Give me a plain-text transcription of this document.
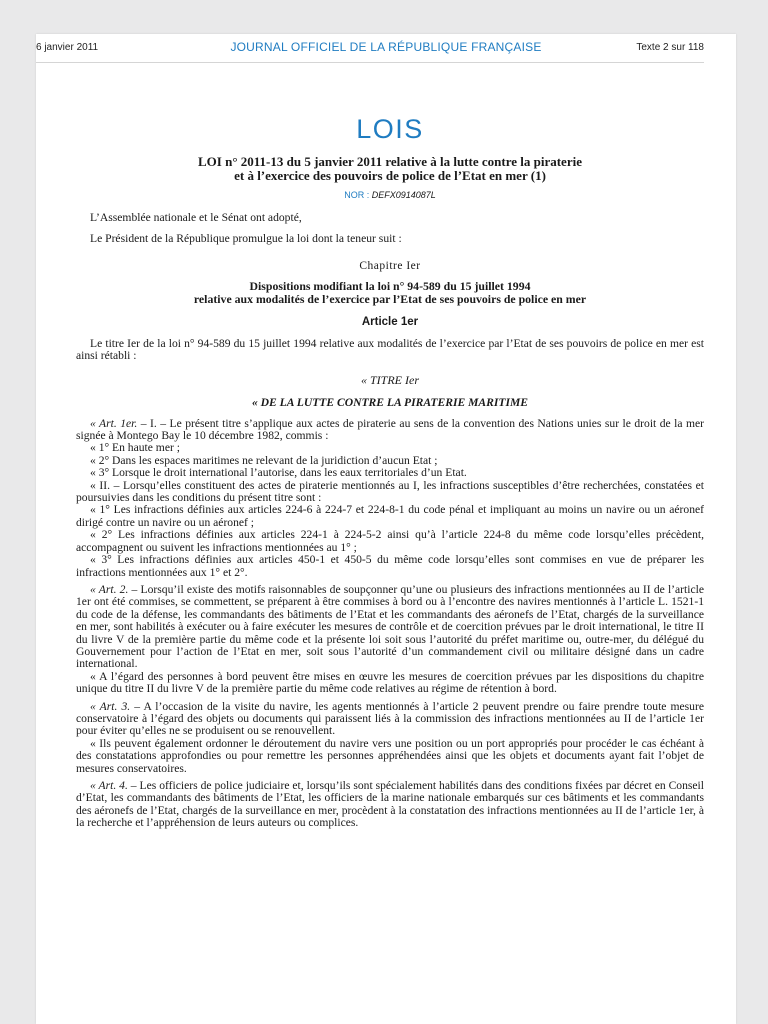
6 janvier 2011	JOURNAL OFFICIEL DE LA RÉPUBLIQUE FRANÇAISE	Texte 2 sur 118
LOIS
LOI n° 2011-13 du 5 janvier 2011 relative à la lutte contre la piraterie
et à l’exercice des pouvoirs de police de l’Etat en mer (1)
NOR : DEFX0914087L

L’Assemblée nationale et le Sénat ont adopté,

Le Président de la République promulgue la loi dont la teneur suit :

Chapitre Ier
Dispositions modifiant la loi n° 94-589 du 15 juillet 1994
relative aux modalités de l’exercice par l’Etat de ses pouvoirs de police en mer
Article 1er

Le titre Ier de la loi n° 94-589 du 15 juillet 1994 relative aux modalités de l’exercice par l’Etat de ses pouvoirs de police en mer est ainsi rétabli :

« TITRE Ier
« DE LA LUTTE CONTRE LA PIRATERIE MARITIME

« Art. 1er. – I. – Le présent titre s’applique aux actes de piraterie au sens de la convention des Nations unies sur le droit de la mer signée à Montego Bay le 10 décembre 1982, commis :

« 1° En haute mer ;

« 2° Dans les espaces maritimes ne relevant de la juridiction d’aucun Etat ;

« 3° Lorsque le droit international l’autorise, dans les eaux territoriales d’un Etat.

« II. – Lorsqu’elles constituent des actes de piraterie mentionnés au I, les infractions susceptibles d’être recherchées, constatées et poursuivies dans les conditions du présent titre sont :

« 1° Les infractions définies aux articles 224-6 à 224-7 et 224-8-1 du code pénal et impliquant au moins un navire ou un aéronef dirigé contre un navire ou un aéronef ;

« 2° Les infractions définies aux articles 224-1 à 224-5-2 ainsi qu’à l’article 224-8 du même code lorsqu’elles précèdent, accompagnent ou suivent les infractions mentionnées au 1° ;

« 3° Les infractions définies aux articles 450-1 et 450-5 du même code lorsqu’elles sont commises en vue de préparer les infractions mentionnées aux 1° et 2°.

« Art. 2. – Lorsqu’il existe des motifs raisonnables de soupçonner qu’une ou plusieurs des infractions mentionnées au II de l’article 1er ont été commises, se commettent, se préparent à être commises à bord ou à l’encontre des navires mentionnés à l’article L. 1521-1 du code de la défense, les commandants des bâtiments de l’Etat et les commandants des aéronefs de l’Etat, chargés de la surveillance en mer, sont habilités à exécuter ou à faire exécuter les mesures de contrôle et de coercition prévues par le droit international, le titre II du livre V de la première partie du même code et la présente loi soit sous l’autorité du préfet maritime ou, outre-mer, du délégué du Gouvernement pour l’action de l’Etat en mer, soit sous l’autorité d’un commandement civil ou militaire désigné dans un cadre international.

« A l’égard des personnes à bord peuvent être mises en œuvre les mesures de coercition prévues par les dispositions du chapitre unique du titre II du livre V de la première partie du même code relatives au régime de rétention à bord.

« Art. 3. – A l’occasion de la visite du navire, les agents mentionnés à l’article 2 peuvent prendre ou faire prendre toute mesure conservatoire à l’égard des objets ou documents qui paraissent liés à la commission des infractions mentionnées au II de l’article 1er pour éviter qu’elles ne se produisent ou se renouvellent.

« Ils peuvent également ordonner le déroutement du navire vers une position ou un port appropriés pour procéder le cas échéant à des constatations approfondies ou pour remettre les personnes appréhendées ainsi que les objets et documents ayant fait l’objet de mesures conservatoires.

« Art. 4. – Les officiers de police judiciaire et, lorsqu’ils sont spécialement habilités dans des conditions fixées par décret en Conseil d’Etat, les commandants des bâtiments de l’Etat, les officiers de la marine nationale embarqués sur ces bâtiments et les commandants des aéronefs de l’Etat, chargés de la surveillance en mer, procèdent à la constatation des infractions mentionnées au II de l’article 1er, à la recherche et l’appréhension de leurs auteurs ou complices.
